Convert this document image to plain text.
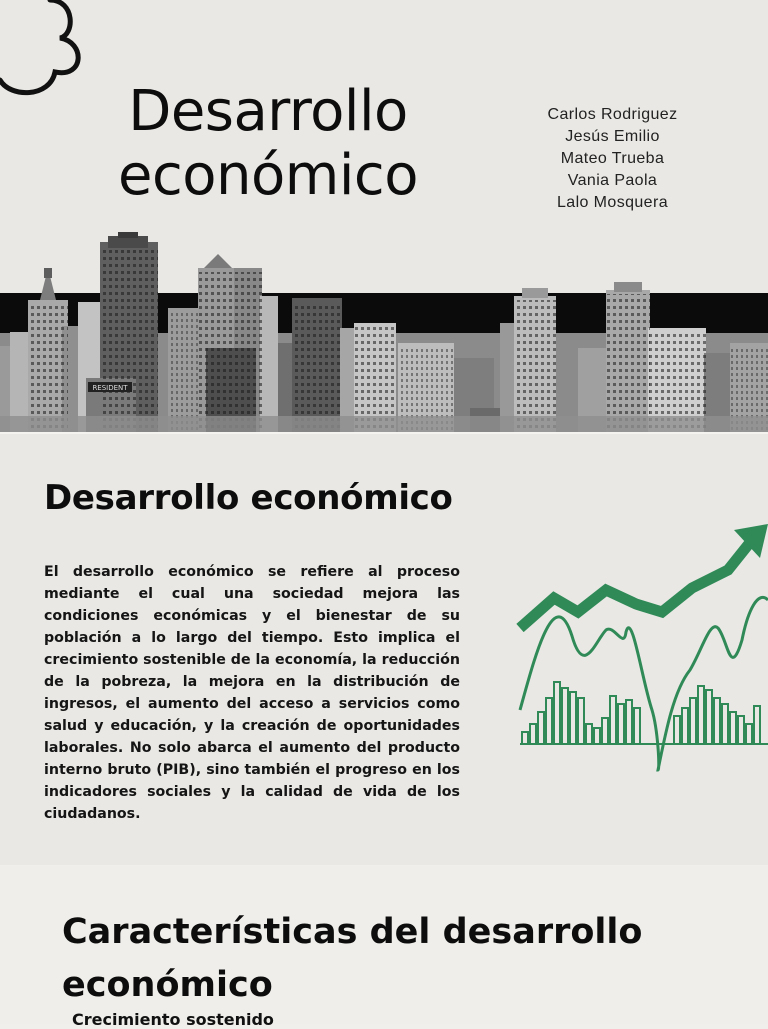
Desarrollo económico
Carlos Rodriguez
Jesús Emilio
Mateo Trueba
Vania Paola
Lalo Mosquera
RESIDENT
Desarrollo económico
El desarrollo económico se refiere al proceso mediante el cual una sociedad mejora las condiciones económicas y el bienestar de su población a lo largo del tiempo. Esto implica el crecimiento sostenible de la economía, la reducción de la pobreza, la mejora en la distribución de ingresos, el aumento del acceso a servicios como salud y educación, y la creación de oportunidades laborales. No solo abarca el aumento del producto interno bruto (PIB), sino también el progreso en los indicadores sociales y la calidad de vida de los ciudadanos.
Características del desarrollo económico
Crecimiento sostenido
